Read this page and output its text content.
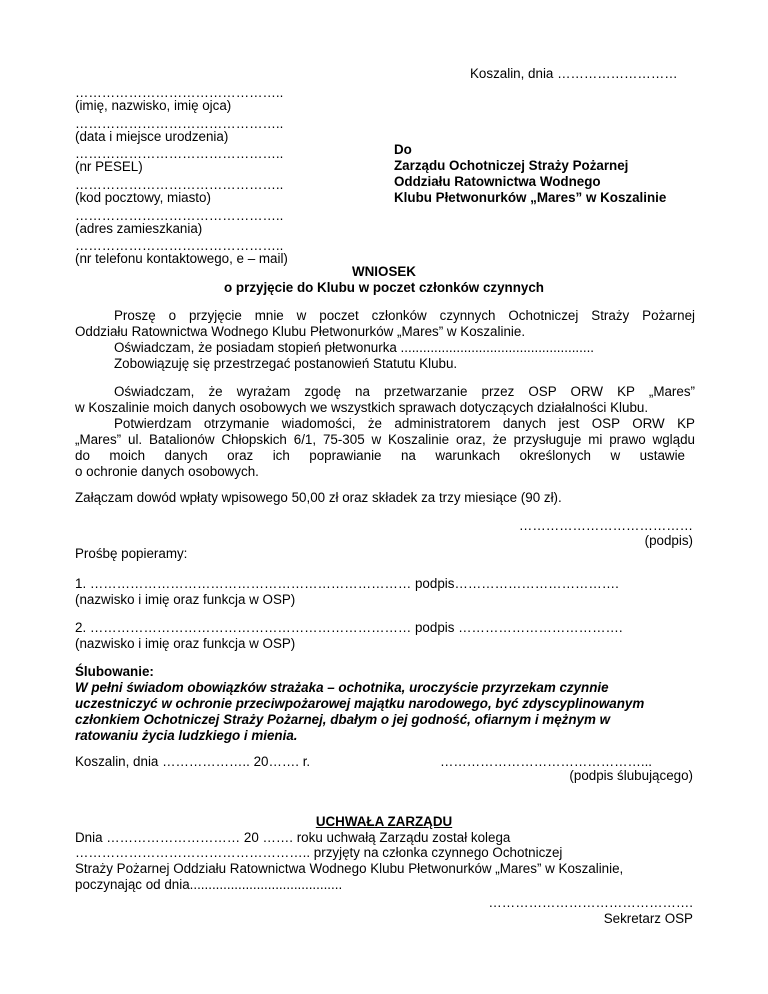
Koszalin, dnia ………………………
………………………………………..
(imię, nazwisko, imię ojca)
………………………………………..
(data i miejsce urodzenia)
………………………………………..
(nr PESEL)
………………………………………..
(kod pocztowy, miasto)
………………………………………..
(adres zamieszkania)
………………………………………..
(nr telefonu kontaktowego, e – mail)
Do
Zarządu Ochotniczej Straży Pożarnej
Oddziału Ratownictwa Wodnego
Klubu Płetwonurków „Mares” w Koszalinie
WNIOSEK
o przyjęcie do Klubu w poczet członków czynnych
Proszę o przyjęcie mnie w poczet członków czynnych Ochotniczej Straży Pożarnej
Oddziału Ratownictwa Wodnego Klubu Płetwonurków „Mares” w Koszalinie.
Oświadczam, że posiadam stopień płetwonurka ....................................................
Zobowiązuję się przestrzegać postanowień Statutu Klubu.
Oświadczam, że wyrażam zgodę na przetwarzanie przez OSP ORW KP „Mares”
w Koszalinie moich danych osobowych we wszystkich sprawach dotyczących działalności Klubu.
Potwierdzam otrzymanie wiadomości, że administratorem danych jest OSP ORW KP
„Mares” ul. Batalionów Chłopskich 6/1, 75-305 w Koszalinie oraz, że przysługuje mi prawo wglądu
do moich danych oraz ich poprawianie na warunkach określonych w ustawie
o ochronie danych osobowych.
Załączam dowód wpłaty wpisowego 50,00 zł oraz składek za trzy miesiące (90 zł).
…………………………………
(podpis)
Prośbę popieramy:
1. ……………………………………………………………… podpis……………………………….
(nazwisko i imię oraz funkcja w OSP)
2. ……………………………………………………………… podpis ……………………………….
(nazwisko i imię oraz funkcja w OSP)
Ślubowanie:
W pełni świadom obowiązków strażaka – ochotnika, uroczyście przyrzekam czynnie
uczestniczyć w ochronie przeciwpożarowej majątku narodowego, być zdyscyplinowanym
członkiem Ochotniczej Straży Pożarnej, dbałym o jej godność, ofiarnym i mężnym w
ratowaniu życia ludzkiego i mienia.
Koszalin, dnia ……………….. 20……. r.	………………………………………...
(podpis ślubującego)
UCHWAŁA ZARZĄDU
Dnia ………………………… 20 ……. roku uchwałą Zarządu został kolega
…………………………………………….. przyjęty na członka czynnego Ochotniczej
Straży Pożarnej Oddziału Ratownictwa Wodnego Klubu Płetwonurków „Mares” w Koszalinie,
poczynając od dnia.........................................
……………………………………….
Sekretarz OSP
